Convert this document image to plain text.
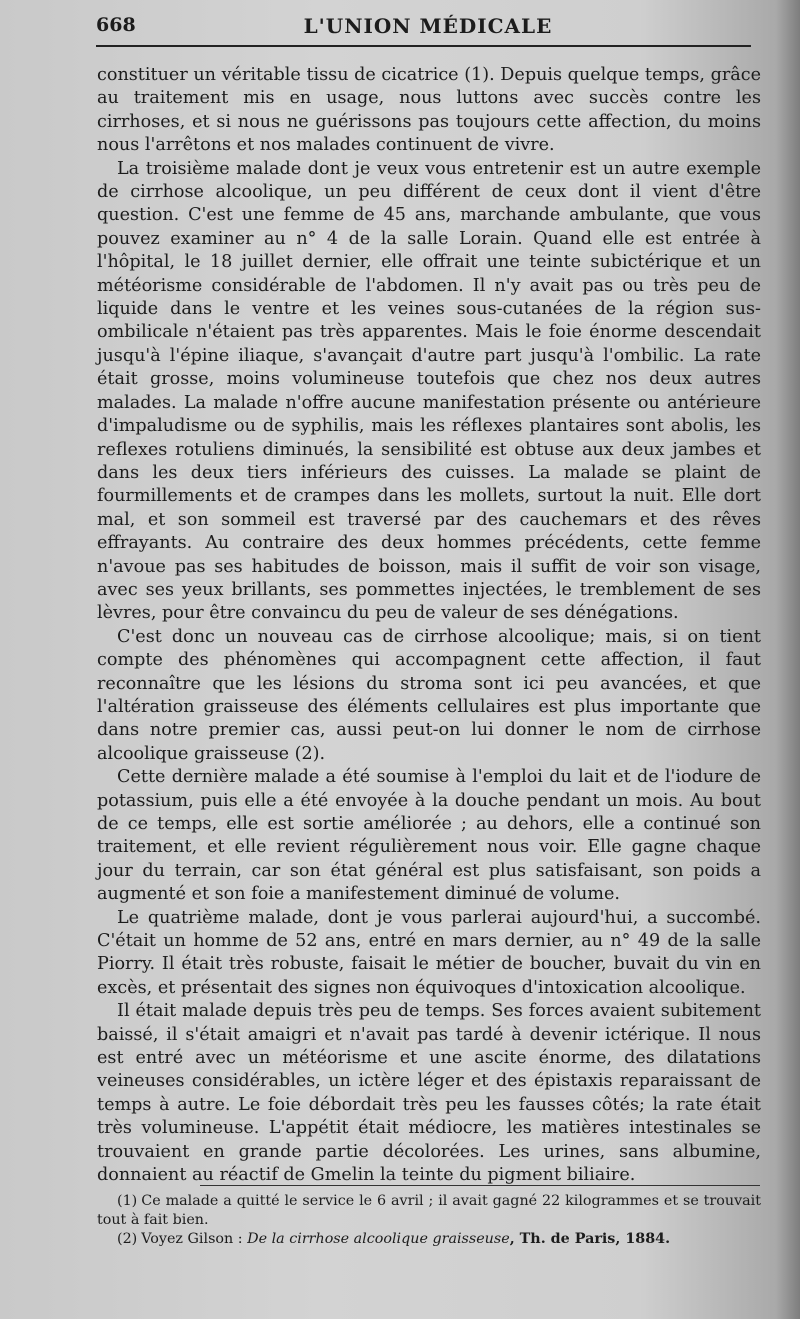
668	L'UNION MÉDICALE

constituer un véritable tissu de cicatrice (1). Depuis quelque temps, grâce au traitement mis en usage, nous luttons avec succès contre les cirrhoses, et si nous ne guérissons pas toujours cette affection, du moins nous l'arrêtons et nos malades continuent de vivre.

La troisième malade dont je veux vous entretenir est un autre exemple de cirrhose alcoolique, un peu différent de ceux dont il vient d'être question. C'est une femme de 45 ans, marchande ambulante, que vous pouvez examiner au n° 4 de la salle Lorain. Quand elle est entrée à l'hôpital, le 18 juillet dernier, elle offrait une teinte subictérique et un météorisme considérable de l'abdomen. Il n'y avait pas ou très peu de liquide dans le ventre et les veines sous-cutanées de la région sus-ombilicale n'étaient pas très apparentes. Mais le foie énorme descendait jusqu'à l'épine iliaque, s'avançait d'autre part jusqu'à l'ombilic. La rate était grosse, moins volumineuse toutefois que chez nos deux autres malades. La malade n'offre aucune manifestation présente ou antérieure d'impaludisme ou de syphilis, mais les réflexes plantaires sont abolis, les reflexes rotuliens diminués, la sensibilité est obtuse aux deux jambes et dans les deux tiers inférieurs des cuisses. La malade se plaint de fourmillements et de crampes dans les mollets, surtout la nuit. Elle dort mal, et son sommeil est traversé par des cauchemars et des rêves effrayants. Au contraire des deux hommes précédents, cette femme n'avoue pas ses habitudes de boisson, mais il suffit de voir son visage, avec ses yeux brillants, ses pommettes injectées, le tremblement de ses lèvres, pour être convaincu du peu de valeur de ses dénégations.

C'est donc un nouveau cas de cirrhose alcoolique; mais, si on tient compte des phénomènes qui accompagnent cette affection, il faut reconnaître que les lésions du stroma sont ici peu avancées, et que l'altération graisseuse des éléments cellulaires est plus importante que dans notre premier cas, aussi peut-on lui donner le nom de cirrhose alcoolique graisseuse (2).

Cette dernière malade a été soumise à l'emploi du lait et de l'iodure de potassium, puis elle a été envoyée à la douche pendant un mois. Au bout de ce temps, elle est sortie améliorée ; au dehors, elle a continué son traitement, et elle revient régulièrement nous voir. Elle gagne chaque jour du terrain, car son état général est plus satisfaisant, son poids a augmenté et son foie a manifestement diminué de volume.

Le quatrième malade, dont je vous parlerai aujourd'hui, a succombé. C'était un homme de 52 ans, entré en mars dernier, au n° 49 de la salle Piorry. Il était très robuste, faisait le métier de boucher, buvait du vin en excès, et présentait des signes non équivoques d'intoxication alcoolique.

Il était malade depuis très peu de temps. Ses forces avaient subitement baissé, il s'était amaigri et n'avait pas tardé à devenir ictérique. Il nous est entré avec un météorisme et une ascite énorme, des dilatations veineuses considérables, un ictère léger et des épistaxis reparaissant de temps à autre. Le foie débordait très peu les fausses côtés; la rate était très volumineuse. L'appétit était médiocre, les matières intestinales se trouvaient en grande partie décolorées. Les urines, sans albumine, donnaient au réactif de Gmelin la teinte du pigment biliaire.

(1) Ce malade a quitté le service le 6 avril ; il avait gagné 22 kilogrammes et se trouvait tout à fait bien.

(2) Voyez Gilson : De la cirrhose alcoolique graisseuse, Th. de Paris, 1884.
